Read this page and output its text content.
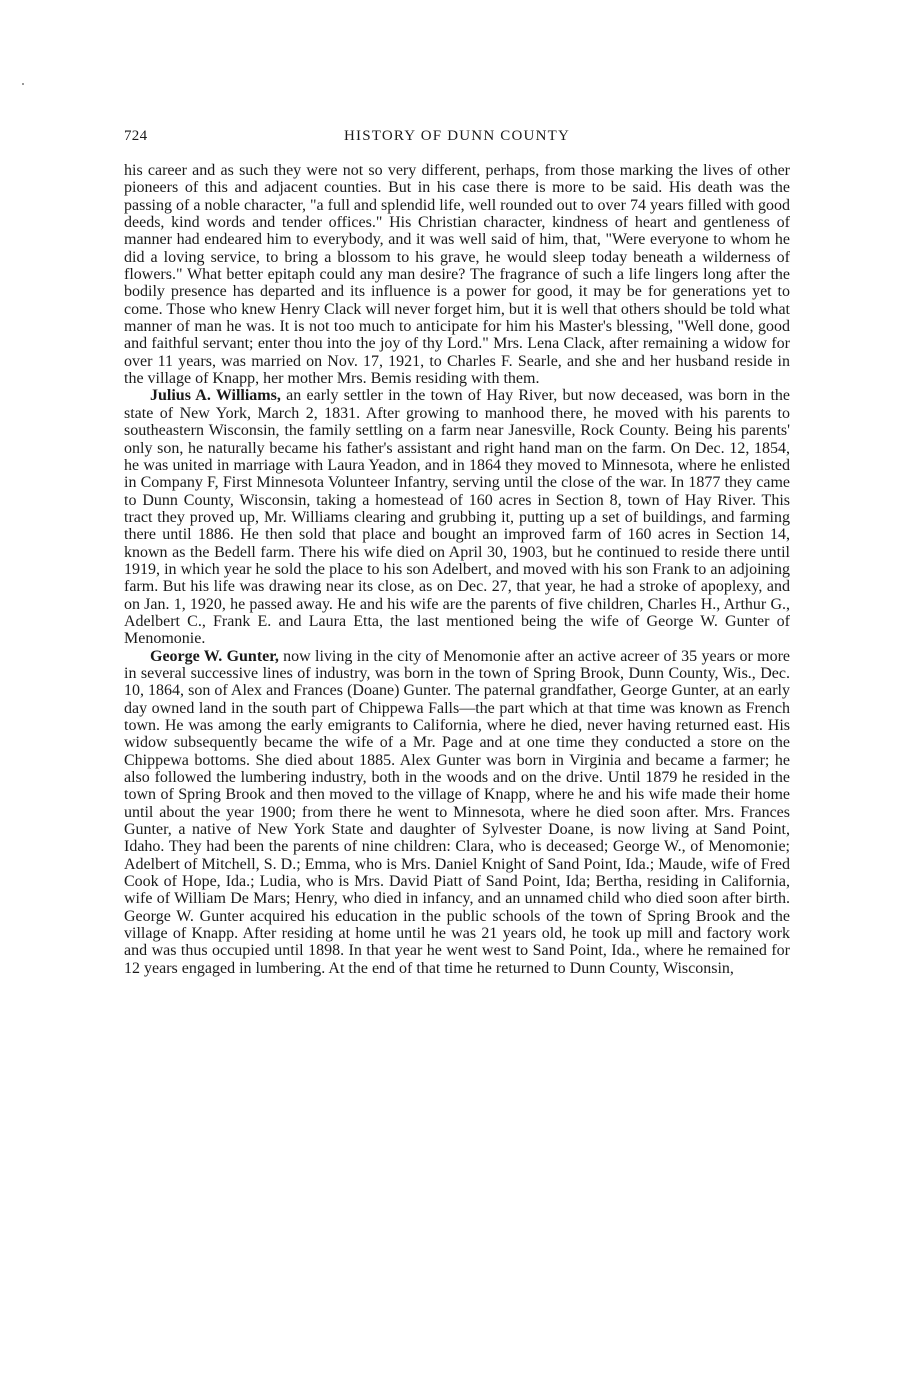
724	HISTORY OF DUNN COUNTY

his career and as such they were not so very different, perhaps, from those marking the lives of other pioneers of this and adjacent counties. But in his case there is more to be said. His death was the passing of a noble character, "a full and splendid life, well rounded out to over 74 years filled with good deeds, kind words and tender offices." His Christian character, kindness of heart and gentleness of manner had endeared him to everybody, and it was well said of him, that, "Were everyone to whom he did a loving service, to bring a blossom to his grave, he would sleep today beneath a wilderness of flowers." What better epitaph could any man desire? The fragrance of such a life lingers long after the bodily presence has departed and its influence is a power for good, it may be for generations yet to come. Those who knew Henry Clack will never forget him, but it is well that others should be told what manner of man he was. It is not too much to anticipate for him his Master's blessing, "Well done, good and faithful servant; enter thou into the joy of thy Lord." Mrs. Lena Clack, after remaining a widow for over 11 years, was married on Nov. 17, 1921, to Charles F. Searle, and she and her husband reside in the village of Knapp, her mother Mrs. Bemis residing with them.

Julius A. Williams, an early settler in the town of Hay River, but now deceased, was born in the state of New York, March 2, 1831. After growing to manhood there, he moved with his parents to southeastern Wisconsin, the family settling on a farm near Janesville, Rock County. Being his parents' only son, he naturally became his father's assistant and right hand man on the farm. On Dec. 12, 1854, he was united in marriage with Laura Yeadon, and in 1864 they moved to Minnesota, where he enlisted in Company F, First Minnesota Volunteer Infantry, serving until the close of the war. In 1877 they came to Dunn County, Wisconsin, taking a homestead of 160 acres in Section 8, town of Hay River. This tract they proved up, Mr. Williams clearing and grubbing it, putting up a set of buildings, and farming there until 1886. He then sold that place and bought an improved farm of 160 acres in Section 14, known as the Bedell farm. There his wife died on April 30, 1903, but he continued to reside there until 1919, in which year he sold the place to his son Adelbert, and moved with his son Frank to an adjoining farm. But his life was drawing near its close, as on Dec. 27, that year, he had a stroke of apoplexy, and on Jan. 1, 1920, he passed away. He and his wife are the parents of five children, Charles H., Arthur G., Adelbert C., Frank E. and Laura Etta, the last mentioned being the wife of George W. Gunter of Menomonie.

George W. Gunter, now living in the city of Menomonie after an active acreer of 35 years or more in several successive lines of industry, was born in the town of Spring Brook, Dunn County, Wis., Dec. 10, 1864, son of Alex and Frances (Doane) Gunter. The paternal grandfather, George Gunter, at an early day owned land in the south part of Chippewa Falls—the part which at that time was known as French town. He was among the early emigrants to California, where he died, never having returned east. His widow subsequently became the wife of a Mr. Page and at one time they conducted a store on the Chippewa bottoms. She died about 1885. Alex Gunter was born in Virginia and became a farmer; he also followed the lumbering industry, both in the woods and on the drive. Until 1879 he resided in the town of Spring Brook and then moved to the village of Knapp, where he and his wife made their home until about the year 1900; from there he went to Minnesota, where he died soon after. Mrs. Frances Gunter, a native of New York State and daughter of Sylvester Doane, is now living at Sand Point, Idaho. They had been the parents of nine children: Clara, who is deceased; George W., of Menomonie; Adelbert of Mitchell, S. D.; Emma, who is Mrs. Daniel Knight of Sand Point, Ida.; Maude, wife of Fred Cook of Hope, Ida.; Ludia, who is Mrs. David Piatt of Sand Point, Ida; Bertha, residing in California, wife of William De Mars; Henry, who died in infancy, and an unnamed child who died soon after birth. George W. Gunter acquired his education in the public schools of the town of Spring Brook and the village of Knapp. After residing at home until he was 21 years old, he took up mill and factory work and was thus occupied until 1898. In that year he went west to Sand Point, Ida., where he remained for 12 years engaged in lumbering. At the end of that time he returned to Dunn County, Wisconsin,
